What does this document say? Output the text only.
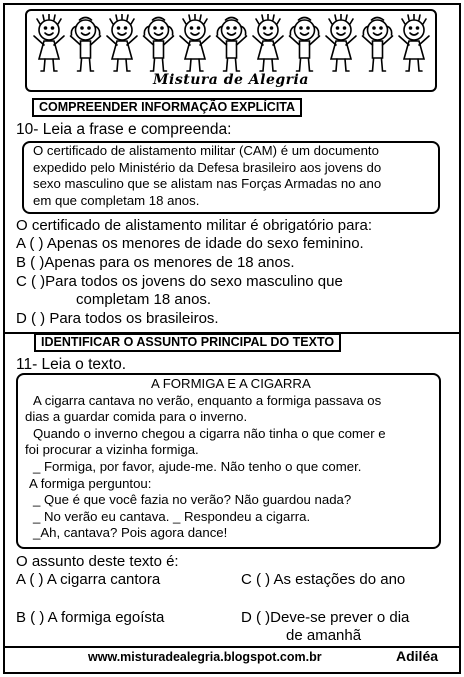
Mistura de Alegria
COMPREENDER INFORMAÇÃO EXPLÍCITA
10- Leia a frase e compreenda:
O certificado de alistamento militar (CAM) é um documento
expedido pelo Ministério da Defesa brasileiro aos jovens do
sexo masculino que se alistam nas Forças Armadas no ano
em que completam 18 anos.
O certificado de alistamento militar é obrigatório para:
A ( ) Apenas os menores de idade do sexo feminino.
B ( )Apenas para os menores de 18 anos.
C ( )Para todos os jovens do sexo masculino que
completam 18 anos.
D ( ) Para todos os brasileiros.
IDENTIFICAR O ASSUNTO PRINCIPAL DO TEXTO
11- Leia o texto.
A FORMIGA E A CIGARRA
A cigarra cantava no verão, enquanto a formiga passava os
dias a guardar comida para o inverno.
Quando o inverno chegou a cigarra não tinha o que comer e
foi procurar a vizinha formiga.
_ Formiga, por favor, ajude-me. Não tenho o que comer.
A formiga perguntou:
_ Que é que você fazia no verão? Não guardou nada?
_ No verão eu cantava. _ Respondeu a cigarra.
_Ah, cantava? Pois agora dance!
O assunto deste texto é:
A ( ) A cigarra cantora	C ( ) As estações do ano
B ( ) A formiga egoísta	D ( )Deve-se prever o dia
de amanhã
www.misturadealegria.blogspot.com.br	Adiléa
